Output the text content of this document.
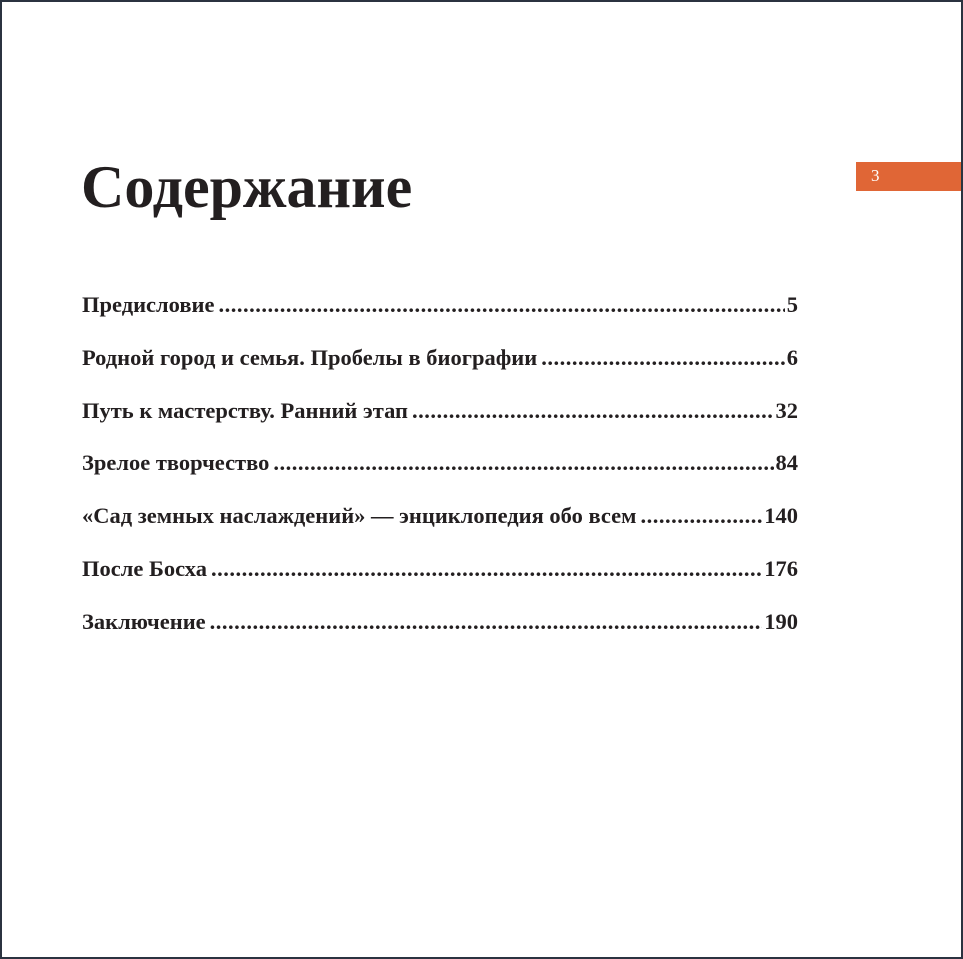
3
Содержание
Предисловие .....	5
Родной город и семья. Пробелы в биографии .....	6
Путь к мастерству. Ранний этап .....	32
Зрелое творчество .....	84
«Сад земных наслаждений» — энциклопедия обо всем .....	140
После Босха .....	176
Заключение .....	190
